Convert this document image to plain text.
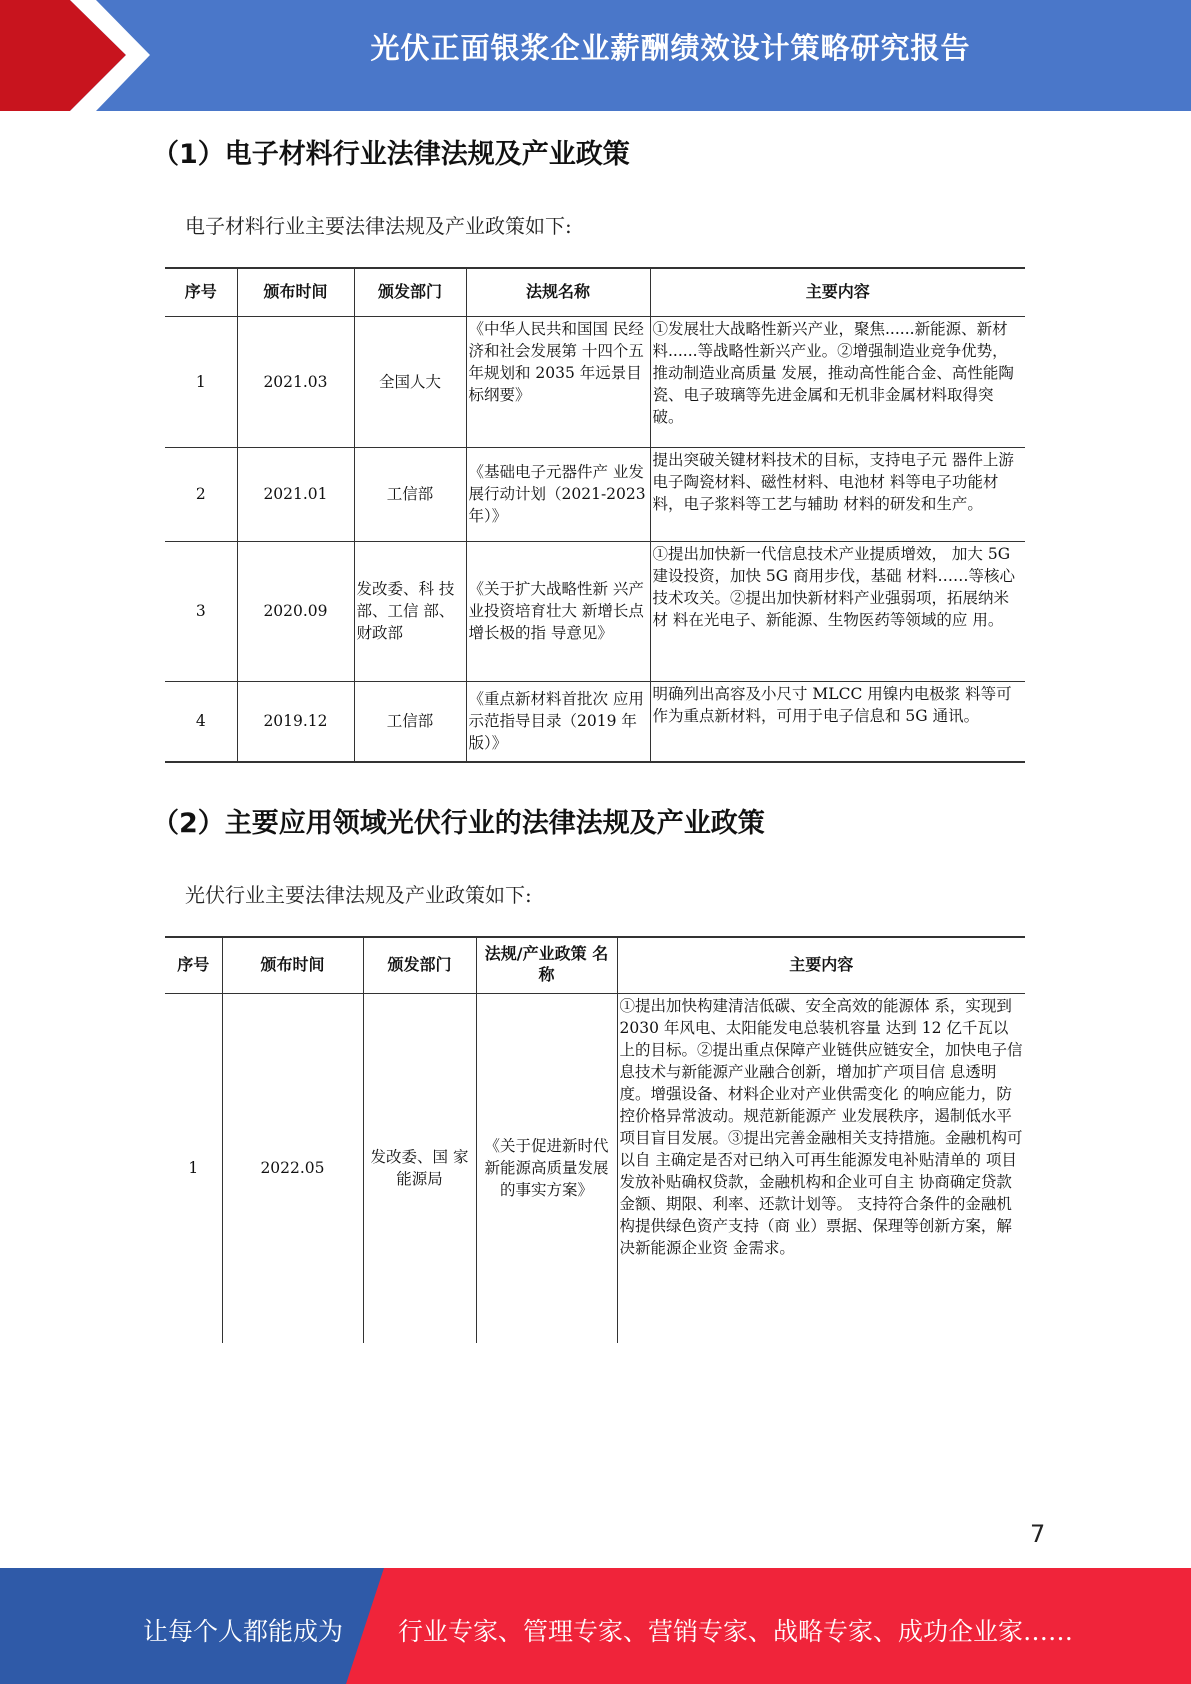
光伏正面银浆企业薪酬绩效设计策略研究报告
（1）电子材料行业法律法规及产业政策
电子材料行业主要法律法规及产业政策如下:
序号	颁布时间	颁发部门	法规名称	主要内容
1	2021.03	全国人大	《中华人民共和国国 民经济和社会发展第 十四个五年规划和 2035 年远景目标纲要》	①发展壮大战略性新兴产业，聚焦......新能源、新材料......等战略性新兴产业。②增强制造业竞争优势，推动制造业高质量 发展，推动高性能合金、高性能陶瓷、电子玻璃等先进金属和无机非金属材料取得突 破。
2	2021.01	工信部	《基础电子元器件产 业发展行动计划（2021-2023 年）》	提出突破关键材料技术的目标，支持电子元 器件上游电子陶瓷材料、磁性材料、电池材 料等电子功能材料，电子浆料等工艺与辅助 材料的研发和生产。
3	2020.09	发改委、科 技部、工信 部、财政部	《关于扩大战略性新 兴产业投资培育壮大 新增长点增长极的指 导意见》	①提出加快新一代信息技术产业提质增效， 加大 5G 建设投资，加快 5G 商用步伐，基础 材料……等核心技术攻关。②提出加快新材料产业强弱项，拓展纳米材 料在光电子、新能源、生物医药等领域的应 用。
4	2019.12	工信部	《重点新材料首批次 应用示范指导目录（2019 年版）》	明确列出高容及小尺寸 MLCC 用镍内电极浆 料等可作为重点新材料，可用于电子信息和 5G 通讯。
（2）主要应用领域光伏行业的法律法规及产业政策
光伏行业主要法律法规及产业政策如下:
序号	颁布时间	颁发部门	法规/产业政策 名称	主要内容
1	2022.05	发改委、国 家能源局	《关于促进新时代新能源高质量发展的事实方案》	①提出加快构建清洁低碳、安全高效的能源体 系，实现到 2030 年风电、太阳能发电总装机容量 达到 12 亿千瓦以上的目标。②提出重点保障产业链供应链安全，加快电子信 息技术与新能源产业融合创新，增加扩产项目信 息透明度。增强设备、材料企业对产业供需变化 的响应能力，防控价格异常波动。规范新能源产 业发展秩序，遏制低水平项目盲目发展。③提出完善金融相关支持措施。金融机构可以自 主确定是否对已纳入可再生能源发电补贴清单的 项目发放补贴确权贷款，金融机构和企业可自主 协商确定贷款金额、期限、利率、还款计划等。 支持符合条件的金融机构提供绿色资产支持（商 业）票据、保理等创新方案，解决新能源企业资 金需求。
7
让每个人都能成为 行业专家、管理专家、营销专家、战略专家、成功企业家……
